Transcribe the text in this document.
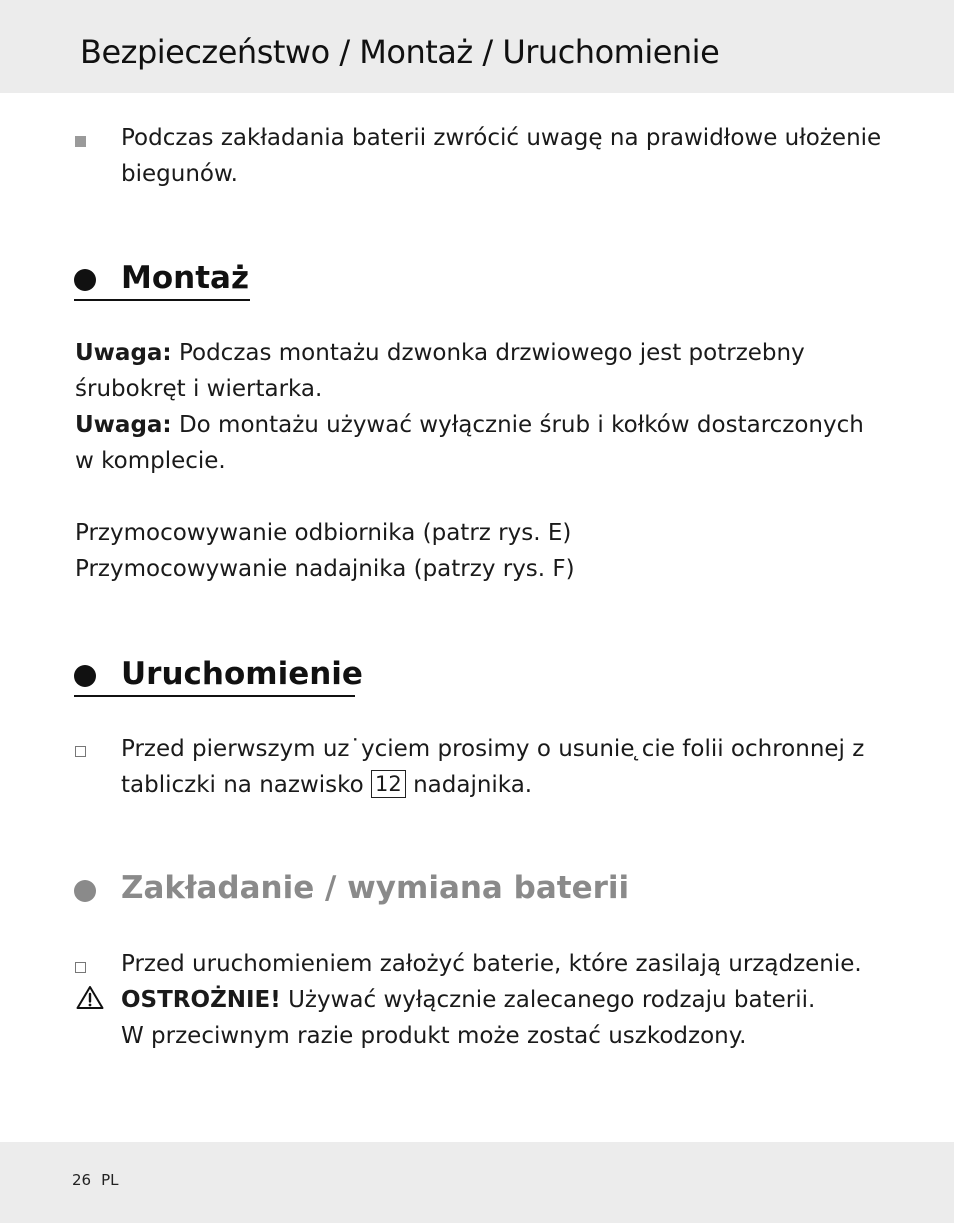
Bezpieczeństwo / Montaż / Uruchomienie
Podczas zakładania baterii zwrócić uwagę na prawidłowe ułożenie
biegunów.
Montaż
Uwaga: Podczas montażu dzwonka drzwiowego jest potrzebny
śrubokręt i wiertarka.
Uwaga: Do montażu używać wyłącznie śrub i kołków dostarczonych
w komplecie.
Przymocowywanie odbiornika (patrz rys. E)
Przymocowywanie nadajnika (patrzy rys. F)
Uruchomienie
Przed pierwszym uz˙yciem prosimy o usunie ̨cie folii ochronnej z
tabliczki na nazwisko 12 nadajnika.
Zakładanie / wymiana baterii
Przed uruchomieniem założyć baterie, które zasilają urządzenie.
OSTROŻNIE! Używać wyłącznie zalecanego rodzaju baterii.
W przeciwnym razie produkt może zostać uszkodzony.
26 PL
